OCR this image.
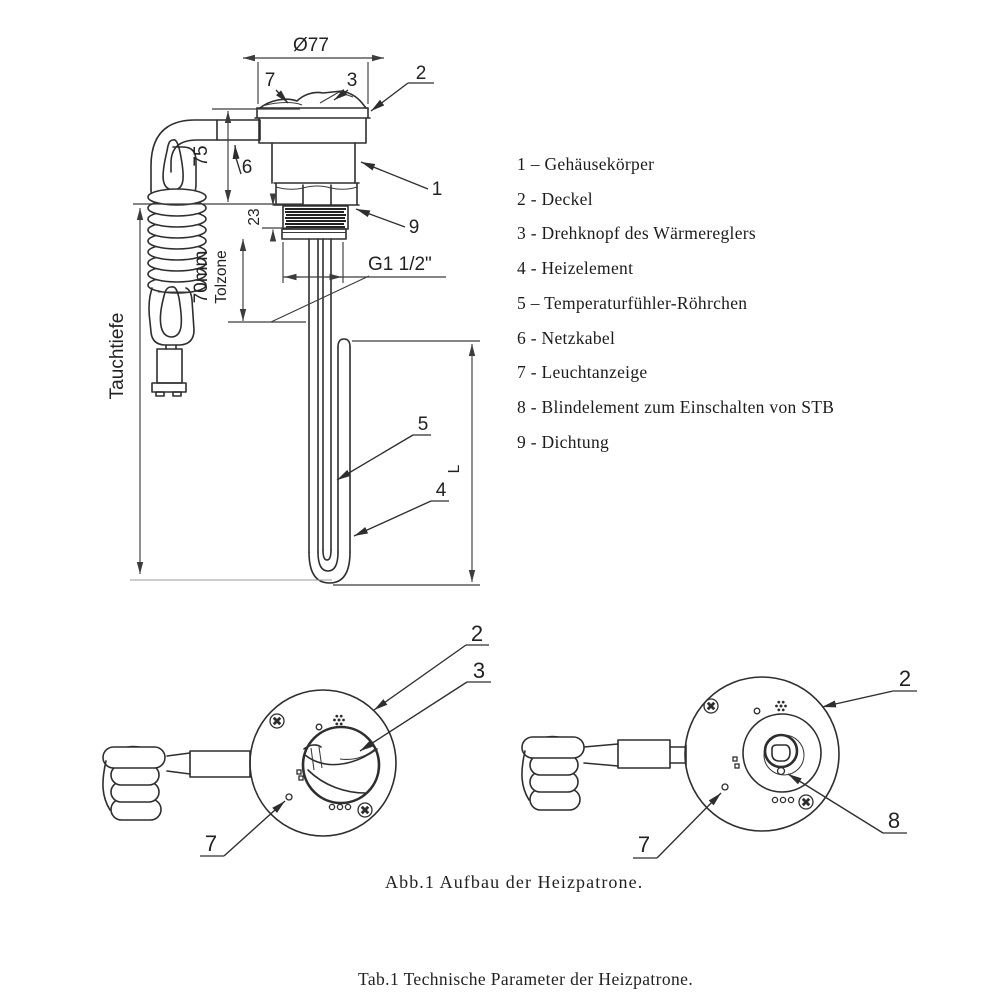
Ø77
75
23
70mm Tolzone
Tauchtiefe
G1 1/2"
L
7	3	2
6
1
9
5
4
2
3
7
2
8
7
1 – Gehäusekörper
2 - Deckel
3 - Drehknopf des Wärmereglers
4 - Heizelement
5 – Temperaturfühler-Röhrchen
6 - Netzkabel
7 - Leuchtanzeige
8 - Blindelement zum Einschalten von STB
9 - Dichtung
Abb.1 Aufbau der Heizpatrone.
Tab.1 Technische Parameter der Heizpatrone.
